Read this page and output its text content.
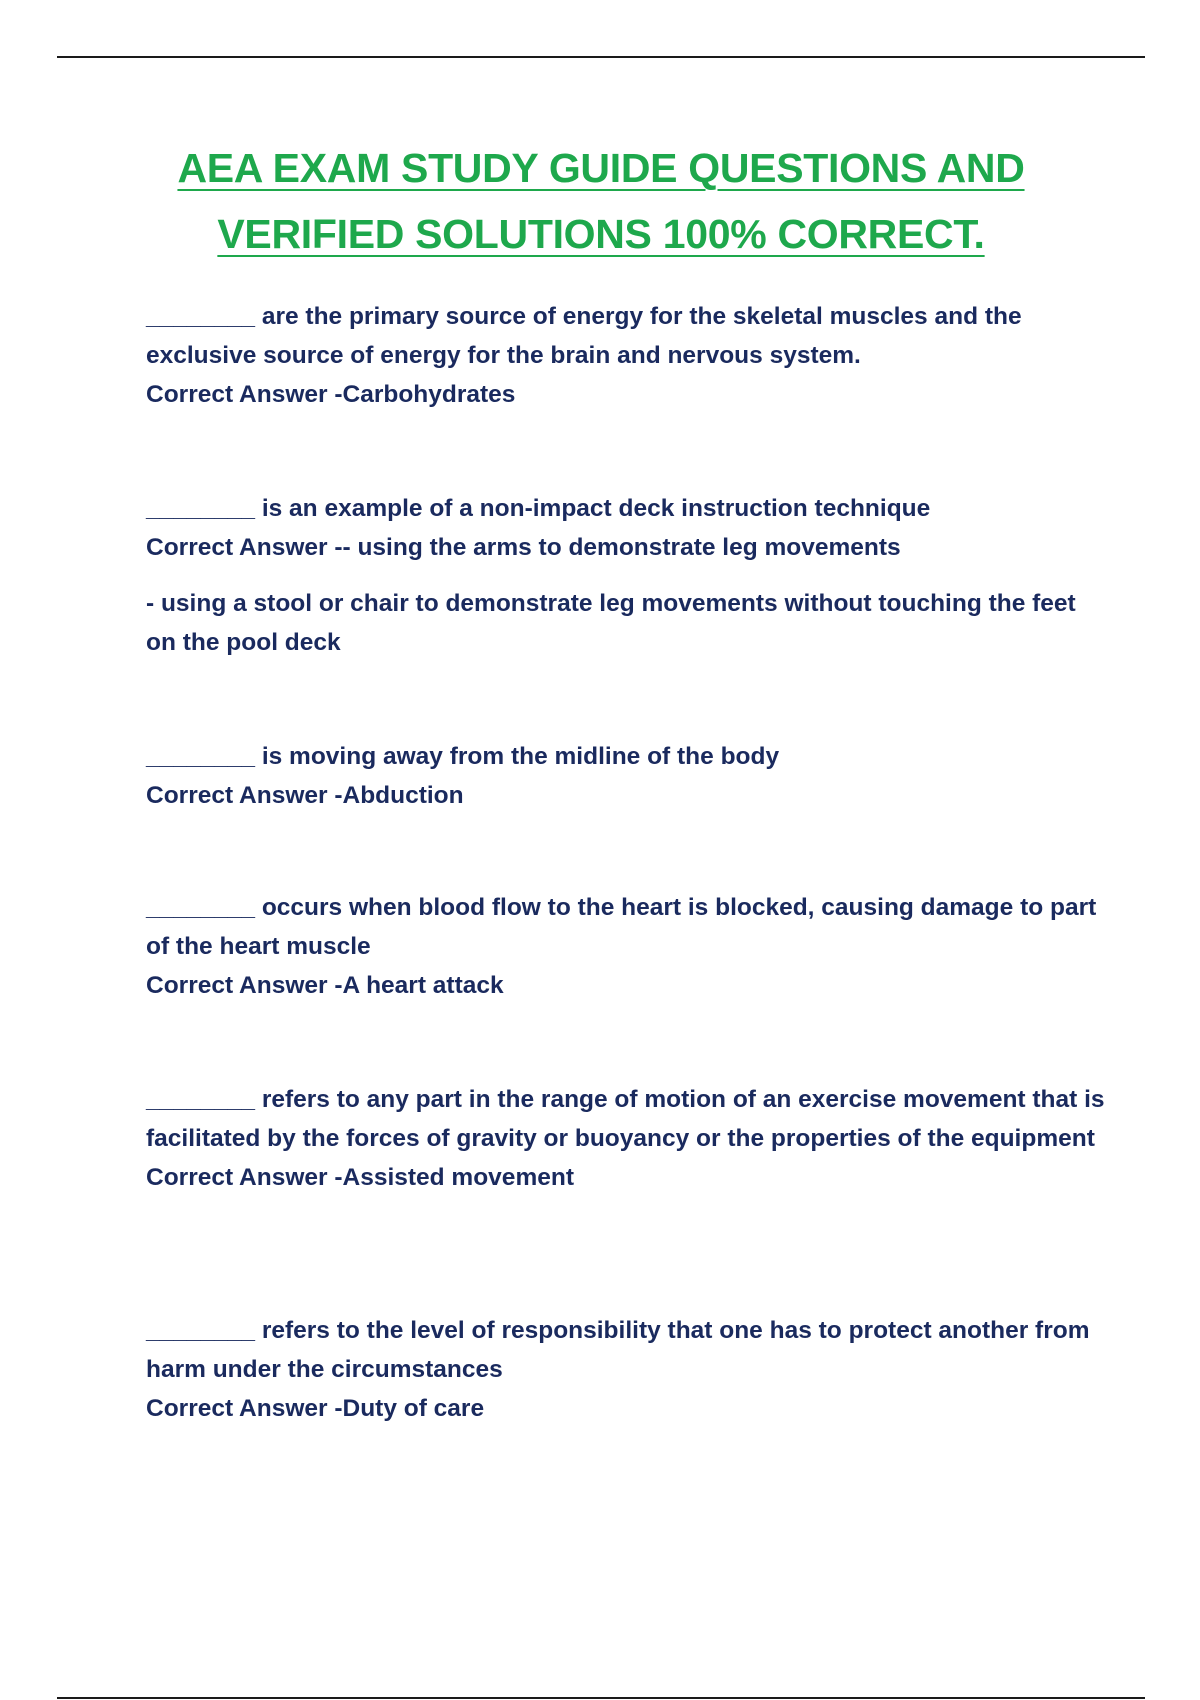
AEA EXAM STUDY GUIDE QUESTIONS AND
VERIFIED SOLUTIONS 100% CORRECT.
________ are the primary source of energy for the skeletal muscles and the exclusive source of energy for the brain and nervous system.
Correct Answer -Carbohydrates
________ is an example of a non-impact deck instruction technique
Correct Answer -- using the arms to demonstrate leg movements
- using a stool or chair to demonstrate leg movements without touching the feet on the pool deck
________ is moving away from the midline of the body
Correct Answer -Abduction
________ occurs when blood flow to the heart is blocked, causing damage to part of the heart muscle
Correct Answer -A heart attack
________ refers to any part in the range of motion of an exercise movement that is facilitated by the forces of gravity or buoyancy or the properties of the equipment
Correct Answer -Assisted movement
________ refers to the level of responsibility that one has to protect another from harm under the circumstances
Correct Answer -Duty of care
